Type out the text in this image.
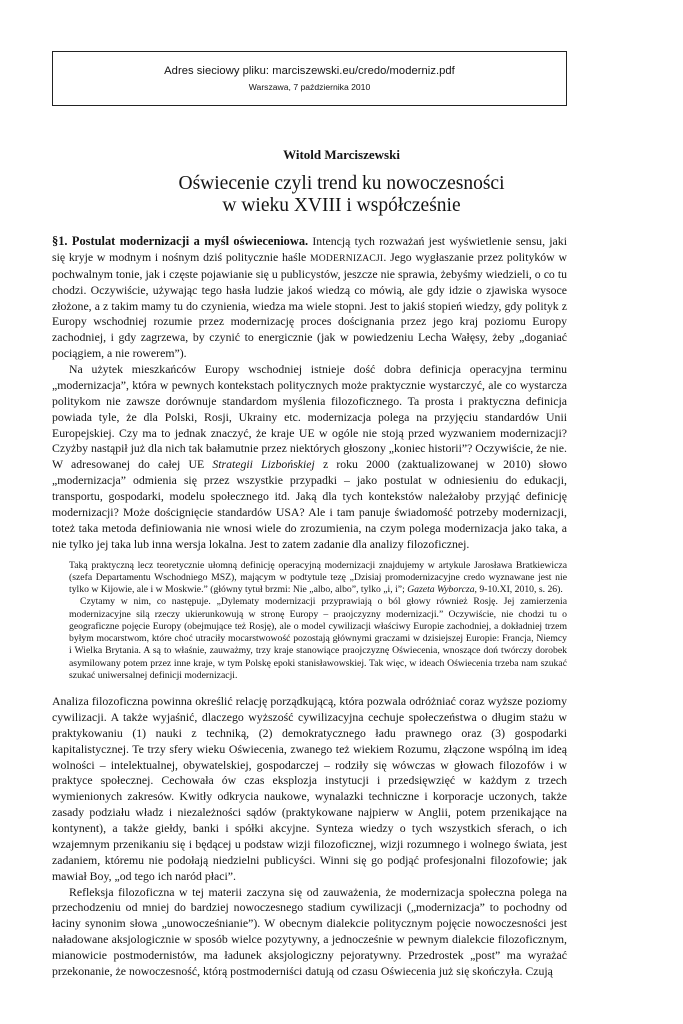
Adres sieciowy pliku: marciszewski.eu/credo/moderniz.pdf
Warszawa, 7 października 2010
Witold Marciszewski
Oświecenie czyli trend ku nowoczesności
w wieku XVIII i współcześnie

§1. Postulat modernizacji a myśl oświeceniowa. Intencją tych rozważań jest wyświetlenie sensu, jaki się kryje w modnym i nośnym dziś politycznie haśle MODERNIZACJI. Jego wygłaszanie przez polityków w pochwalnym tonie, jak i częste pojawianie się u publicystów, jeszcze nie sprawia, żebyśmy wiedzieli, o co tu chodzi. Oczywiście, używając tego hasła ludzie jakoś wiedzą co mówią, ale gdy idzie o zjawiska wysoce złożone, a z takim mamy tu do czynienia, wiedza ma wiele stopni. Jest to jakiś stopień wiedzy, gdy polityk z Europy wschodniej rozumie przez modernizację proces doścignania przez jego kraj poziomu Europy zachodniej, i gdy zagrzewa, by czynić to energicznie (jak w powiedzeniu Lecha Wałęsy, żeby „doganiać pociągiem, a nie rowerem”).

Na użytek mieszkańców Europy wschodniej istnieje dość dobra definicja operacyjna terminu „modernizacja”, która w pewnych kontekstach politycznych może praktycznie wystarczyć, ale co wystarcza politykom nie zawsze dorównuje standardom myślenia filozoficznego. Ta prosta i praktyczna definicja powiada tyle, że dla Polski, Rosji, Ukrainy etc. modernizacja polega na przyjęciu standardów Unii Europejskiej. Czy ma to jednak znaczyć, że kraje UE w ogóle nie stoją przed wyzwaniem modernizacji? Czyżby nastąpił już dla nich tak bałamutnie przez niektórych głoszony „koniec historii”? Oczywiście, że nie. W adresowanej do całej UE Strategii Lizbońskiej z roku 2000 (zaktualizowanej w 2010) słowo „modernizacja” odmienia się przez wszystkie przypadki – jako postulat w odniesieniu do edukacji, transportu, gospodarki, modelu społecznego itd. Jaką dla tych kontekstów należałoby przyjąć definicję modernizacji? Może doścignięcie standardów USA? Ale i tam panuje świadomość potrzeby modernizacji, toteż taka metoda definiowania nie wnosi wiele do zrozumienia, na czym polega modernizacja jako taka, a nie tylko jej taka lub inna wersja lokalna. Jest to zatem zadanie dla analizy filozoficznej.

Taką praktyczną lecz teoretycznie ułomną definicję operacyjną modernizacji znajdujemy w artykule Jarosława Bratkiewicza (szefa Departamentu Wschodniego MSZ), mającym w podtytule tezę „Dzisiaj promodernizacyjne credo wyznawane jest nie tylko w Kijowie, ale i w Moskwie.” (główny tytuł brzmi: Nie „albo, albo”, tylko „i, i”; Gazeta Wyborcza, 9-10.XI, 2010, s. 26).

Czytamy w nim, co następuje. „Dylematy modernizacji przyprawiają o ból głowy również Rosję. Jej zamierzenia modernizacyjne silą rzeczy ukierunkowują w stronę Europy – praojczyzny modernizacji.” Oczywiście, nie chodzi tu o geograficzne pojęcie Europy (obejmujące też Rosję), ale o model cywilizacji właściwy Europie zachodniej, a dokładniej trzem byłym mocarstwom, które choć utraciły mocarstwowość pozostają głównymi graczami w dzisiejszej Europie: Francja, Niemcy i Wielka Brytania. A są to właśnie, zauważmy, trzy kraje stanowiące praojczyznę Oświecenia, wnoszące doń twórczy dorobek asymilowany potem przez inne kraje, w tym Polskę epoki stanisławowskiej. Tak więc, w ideach Oświecenia trzeba nam szukać szukać uniwersalnej definicji modernizacji.

Analiza filozoficzna powinna określić relację porządkującą, która pozwala odróżniać coraz wyższe poziomy cywilizacji. A także wyjaśnić, dlaczego wyższość cywilizacyjna cechuje społeczeństwa o długim stażu w praktykowaniu (1) nauki z techniką, (2) demokratycznego ładu prawnego oraz (3) gospodarki kapitalistycznej. Te trzy sfery wieku Oświecenia, zwanego też wiekiem Rozumu, złączone wspólną im ideą wolności – intelektualnej, obywatelskiej, gospodarczej – rodziły się wówczas w głowach filozofów i w praktyce społecznej. Cechowała ów czas eksplozja instytucji i przedsięwzięć w każdym z trzech wymienionych zakresów. Kwitły odkrycia naukowe, wynalazki techniczne i korporacje uczonych, także zasady podziału władz i niezależności sądów (praktykowane najpierw w Anglii, potem przenikające na kontynent), a także giełdy, banki i spółki akcyjne. Synteza wiedzy o tych wszystkich sferach, o ich wzajemnym przenikaniu się i będącej u podstaw wizji filozoficznej, wizji rozumnego i wolnego świata, jest zadaniem, któremu nie podołają niedzielni publicyści. Winni się go podjąć profesjonalni filozofowie; jak mawiał Boy, „od tego ich naród płaci”.

Refleksja filozoficzna w tej materii zaczyna się od zauważenia, że modernizacja społeczna polega na przechodzeniu od mniej do bardziej nowoczesnego stadium cywilizacji („modernizacja” to pochodny od łaciny synonim słowa „unowocześnianie”). W obecnym dialekcie politycznym pojęcie nowoczesności jest naładowane aksjologicznie w sposób wielce pozytywny, a jednocześnie w pewnym dialekcie filozoficznym, mianowicie postmodernistów, ma ładunek aksjologiczny pejoratywny. Przedrostek „post” ma wyrażać przekonanie, że nowoczesność, którą postmoderniści datują od czasu Oświecenia już się skończyła. Czują
